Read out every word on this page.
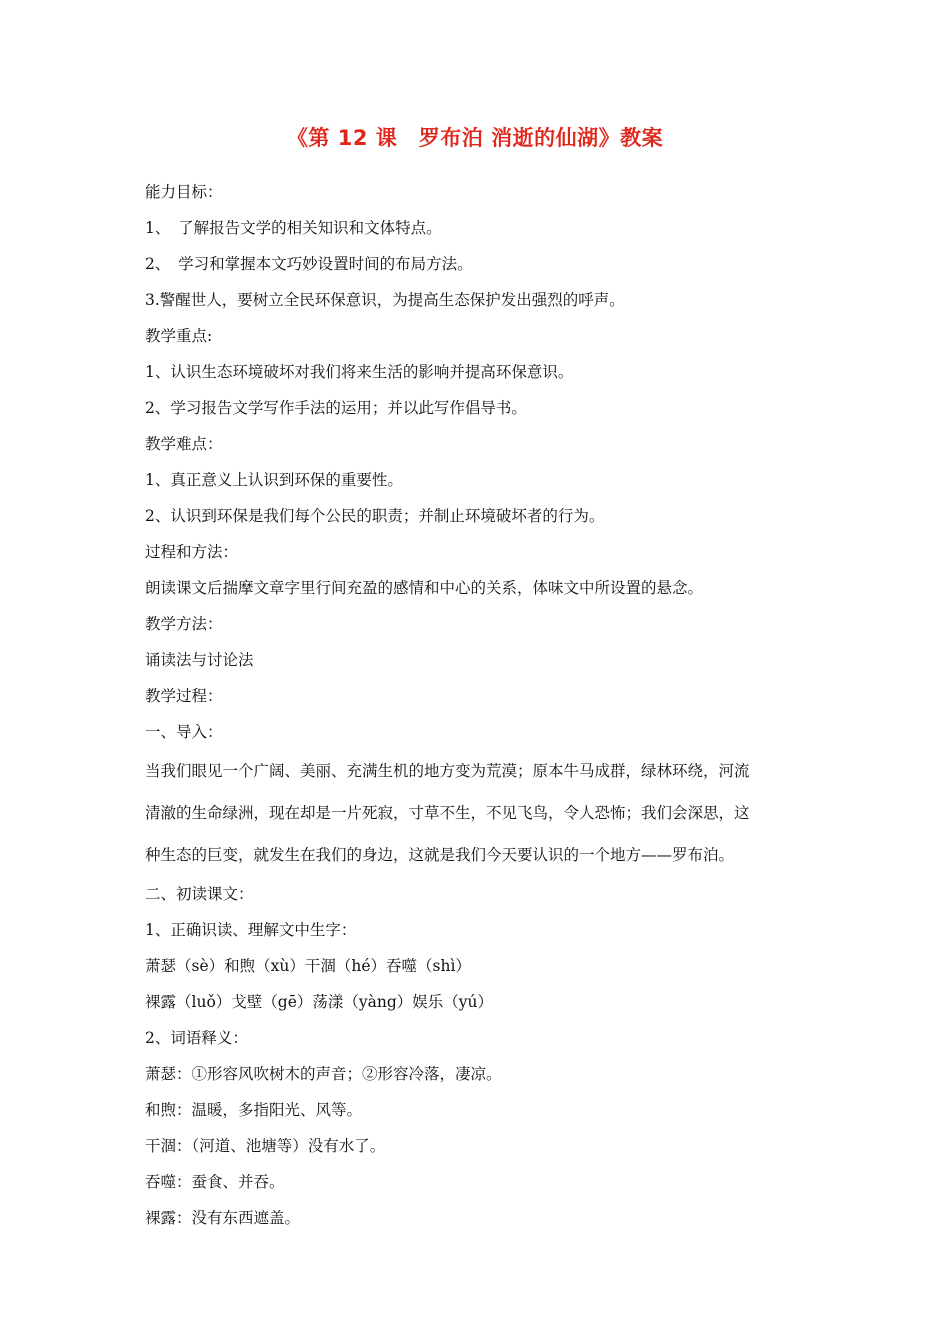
《第 12 课　罗布泊 消逝的仙湖》教案
能力目标：
1、　了解报告文学的相关知识和文体特点。
2、　学习和掌握本文巧妙设置时间的布局方法。
3.警醒世人，要树立全民环保意识，为提高生态保护发出强烈的呼声。
教学重点:
1、认识生态环境破坏对我们将来生活的影响并提高环保意识。
2、学习报告文学写作手法的运用；并以此写作倡导书。
教学难点：
1、真正意义上认识到环保的重要性。
2、认识到环保是我们每个公民的职责；并制止环境破坏者的行为。
过程和方法：
朗读课文后揣摩文章字里行间充盈的感情和中心的关系，体味文中所设置的悬念。
教学方法：
诵读法与讨论法
教学过程：
一、导入：
当我们眼见一个广阔、美丽、充满生机的地方变为荒漠；原本牛马成群，绿林环绕，河流
清澈的生命绿洲，现在却是一片死寂，寸草不生，不见飞鸟，令人恐怖；我们会深思，这
种生态的巨变，就发生在我们的身边，这就是我们今天要认识的一个地方——罗布泊。
二、初读课文：
1、正确识读、理解文中生字：
萧瑟（sè）和煦（xù）干涸（hé）吞噬（shì）
裸露（luǒ）戈壁（gē）荡漾（yàng）娱乐（yú）
2、词语释义：
萧瑟：①形容风吹树木的声音；②形容冷落，凄凉。
和煦：温暖，多指阳光、风等。
干涸：（河道、池塘等）没有水了。
吞噬：蚕食、并吞。
裸露：没有东西遮盖。
